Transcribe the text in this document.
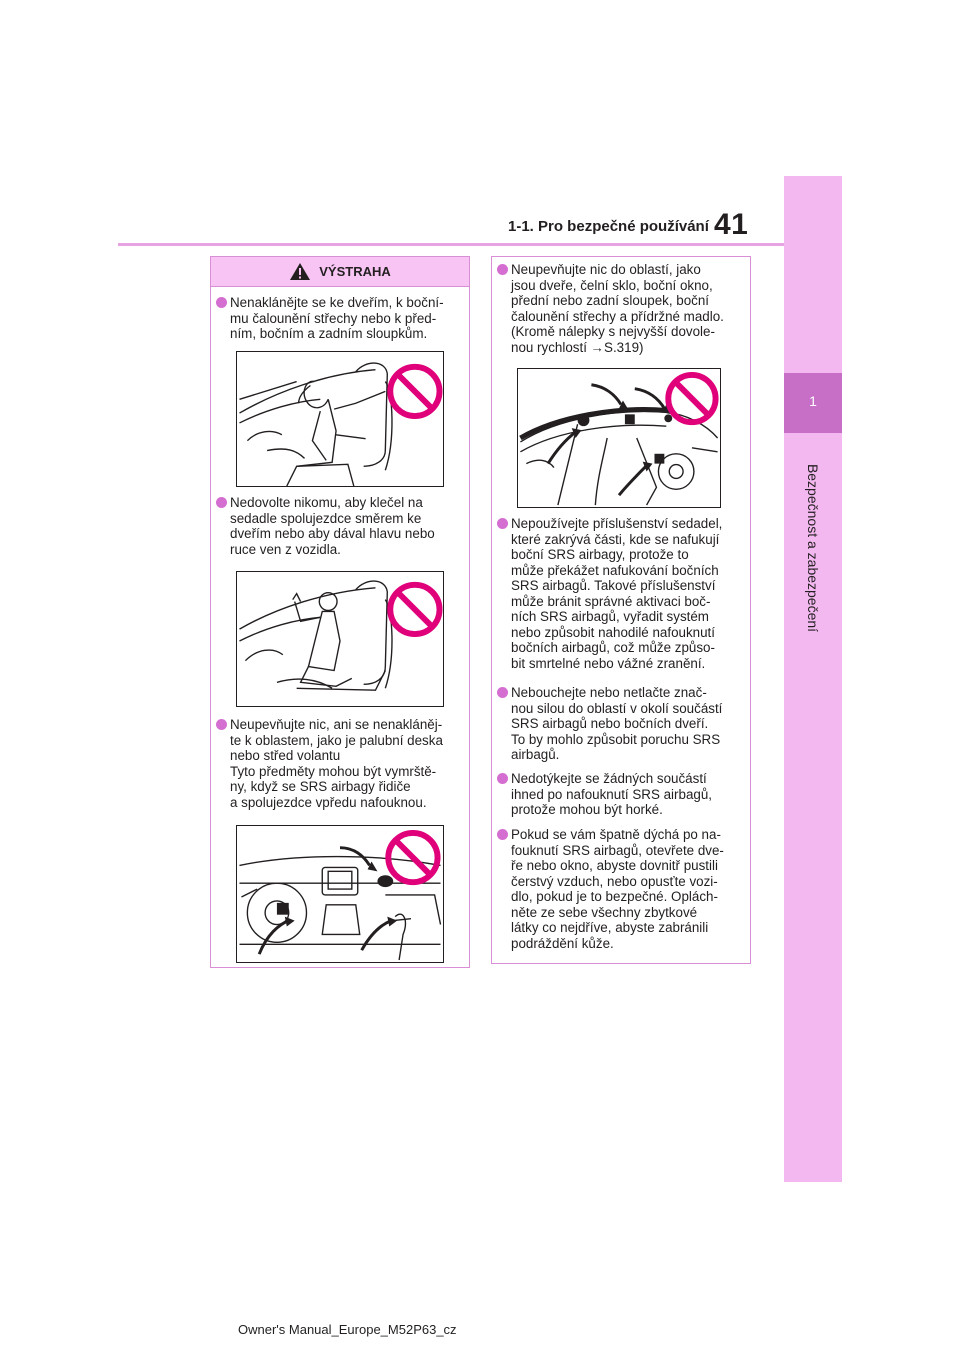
41
1-1. Pro bezpečné používání
1
Bezpečnost a zabezpečení
VÝSTRAHA
Nenaklánějte se ke dveřím, k boční-
mu čalounění střechy nebo k před-
ním, bočním a zadním sloupkům.
Nedovolte nikomu, aby klečel na
sedadle spolujezdce směrem ke
dveřím nebo aby dával hlavu nebo
ruce ven z vozidla.
Neupevňujte nic, ani se nenakláněj-
te k oblastem, jako je palubní deska
nebo střed volantu
Tyto předměty mohou být vymrště-
ny, když se SRS airbagy řidiče
a spolujezdce vpředu nafouknou.
Neupevňujte nic do oblastí, jako
jsou dveře, čelní sklo, boční okno,
přední nebo zadní sloupek, boční
čalounění střechy a přídržné madlo.
(Kromě nálepky s nejvyšší dovole-
nou rychlostí →S.319)
Nepoužívejte příslušenství sedadel,
které zakrývá části, kde se nafukují
boční SRS airbagy, protože to
může překážet nafukování bočních
SRS airbagů. Takové příslušenství
může bránit správné aktivaci boč-
ních SRS airbagů, vyřadit systém
nebo způsobit nahodilé nafouknutí
bočních airbagů, což může způso-
bit smrtelné nebo vážné zranění.
Nebouchejte nebo netlačte znač-
nou silou do oblastí v okolí součástí
SRS airbagů nebo bočních dveří.
To by mohlo způsobit poruchu SRS
airbagů.
Nedotýkejte se žádných součástí
ihned po nafouknutí SRS airbagů,
protože mohou být horké.
Pokud se vám špatně dýchá po na-
fouknutí SRS airbagů, otevřete dve-
ře nebo okno, abyste dovnitř pustili
čerstvý vzduch, nebo opusťte vozi-
dlo, pokud je to bezpečné. Oplách-
něte ze sebe všechny zbytkové
látky co nejdříve, abyste zabránili
podráždění kůže.
Owner's Manual_Europe_M52P63_cz
